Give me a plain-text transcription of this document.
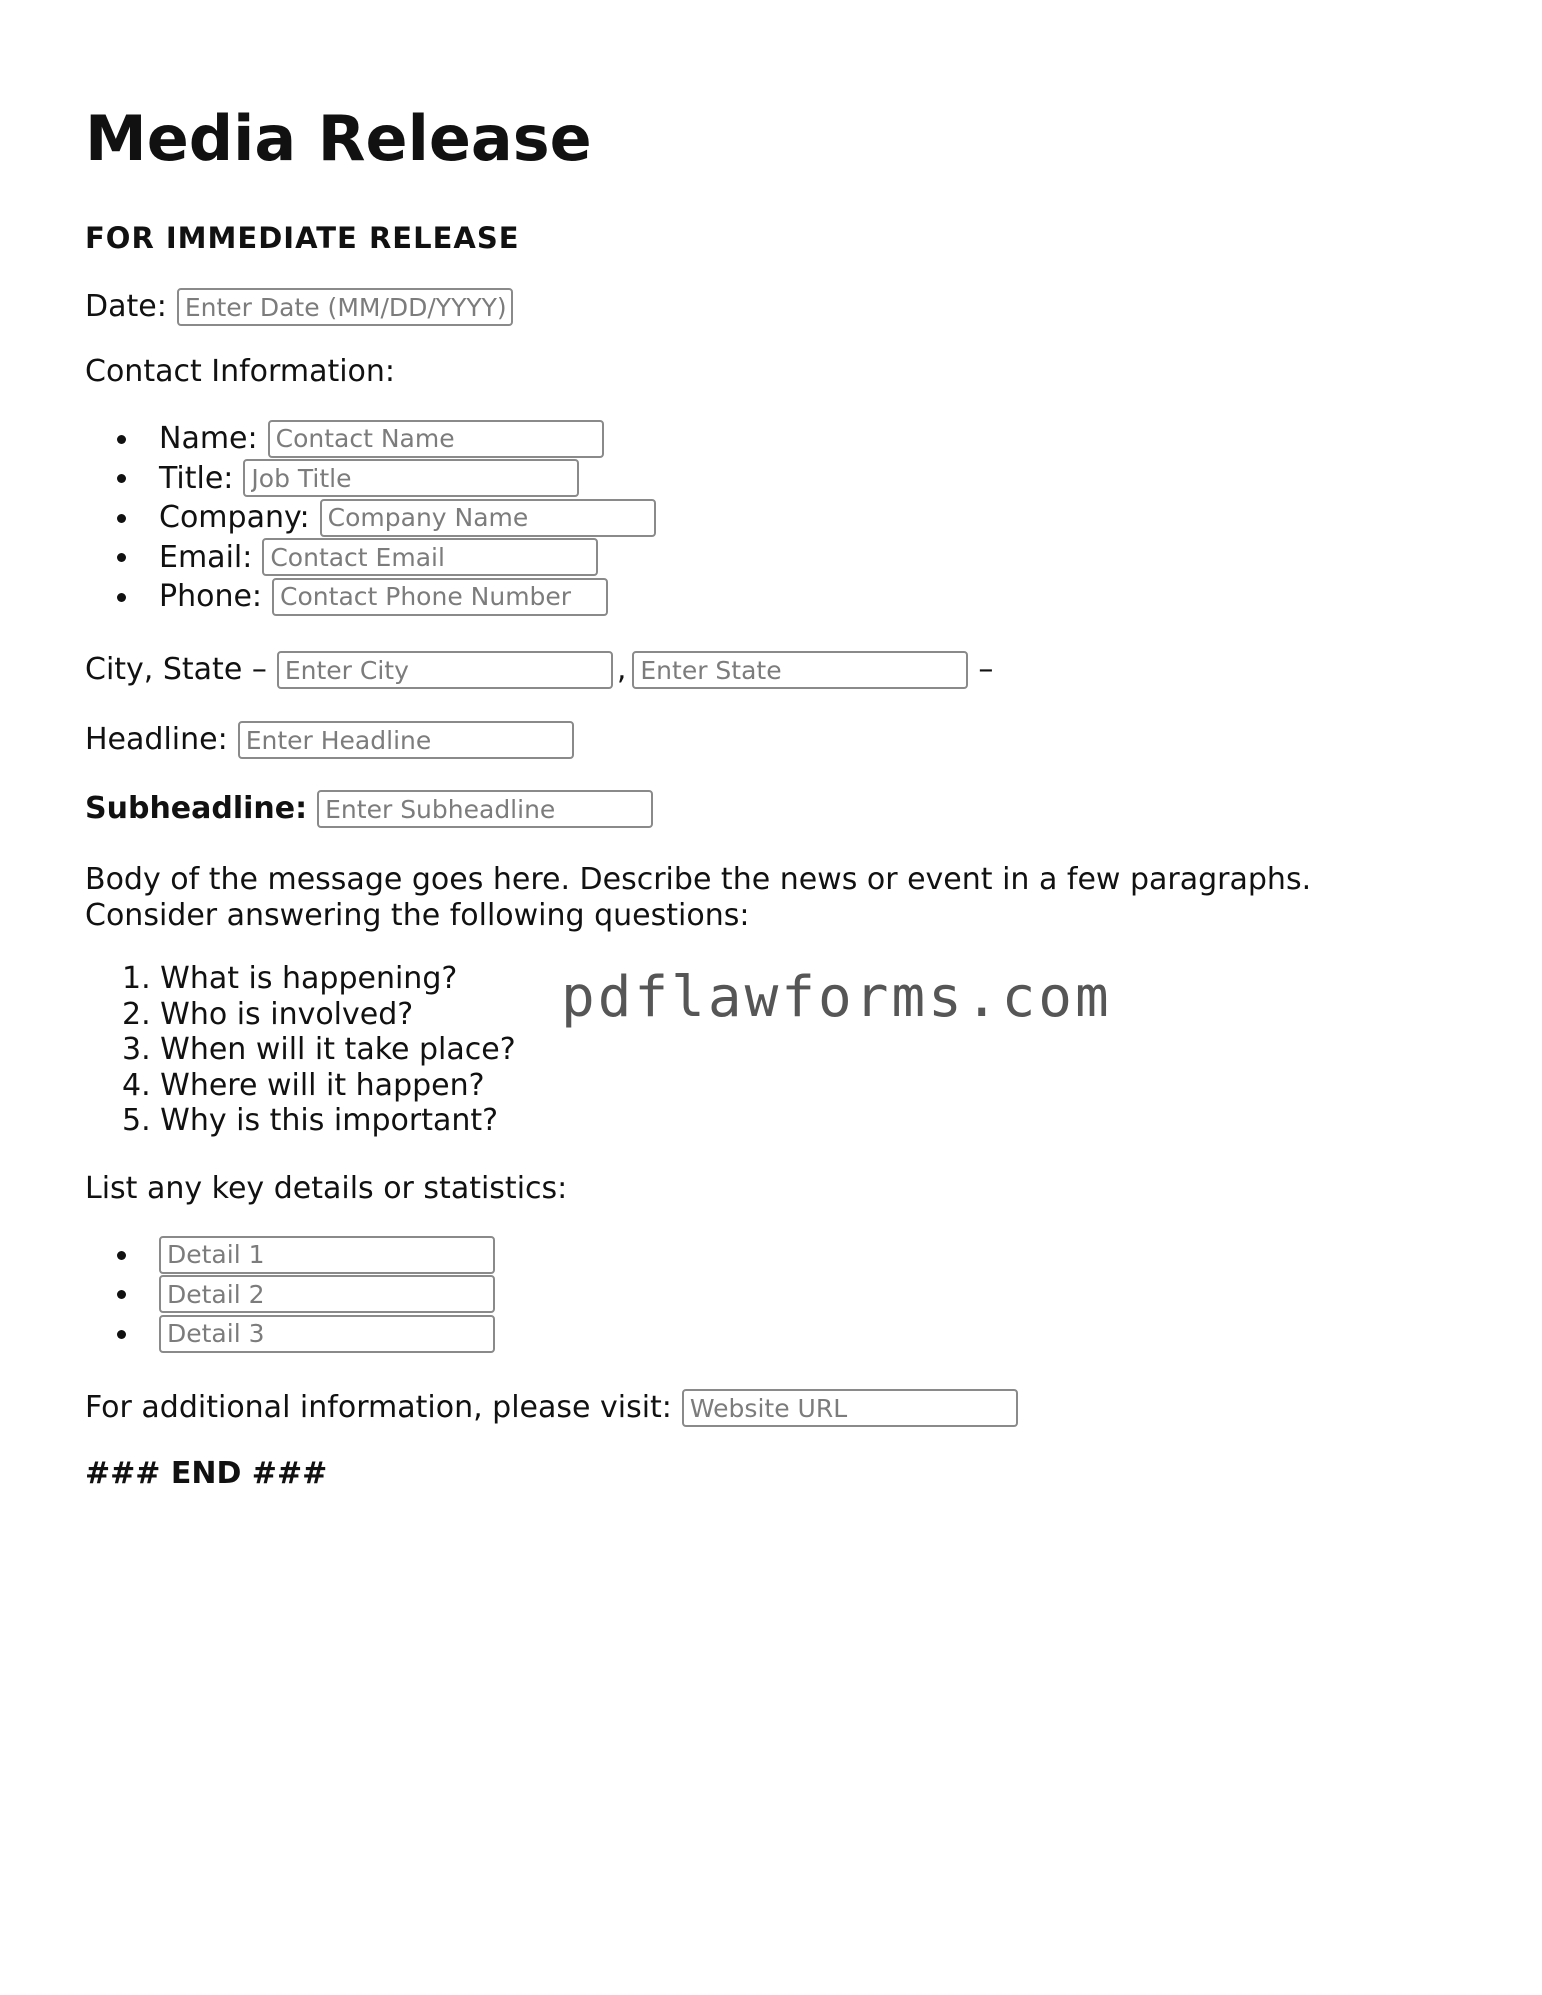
Media Release
FOR IMMEDIATE RELEASE
Date:
Enter Date (MM/DD/YYYY)
Contact Information:
Name:
Contact Name
Title:
Job Title
Company:
Company Name
Email:
Contact Email
Phone:
Contact Phone Number
City, State –
Enter City	,
Enter State	–
Headline:
Enter Headline
Subheadline:
Enter Subheadline
Body of the message goes here. Describe the news or event in a few paragraphs.
Consider answering the following questions:
1. What is happening?
2. Who is involved?
3. When will it take place?
4. Where will it happen?
5. Why is this important?
pdflawforms.com
List any key details or statistics:
Detail 1
Detail 2
Detail 3
For additional information, please visit:
Website URL
### END ###
